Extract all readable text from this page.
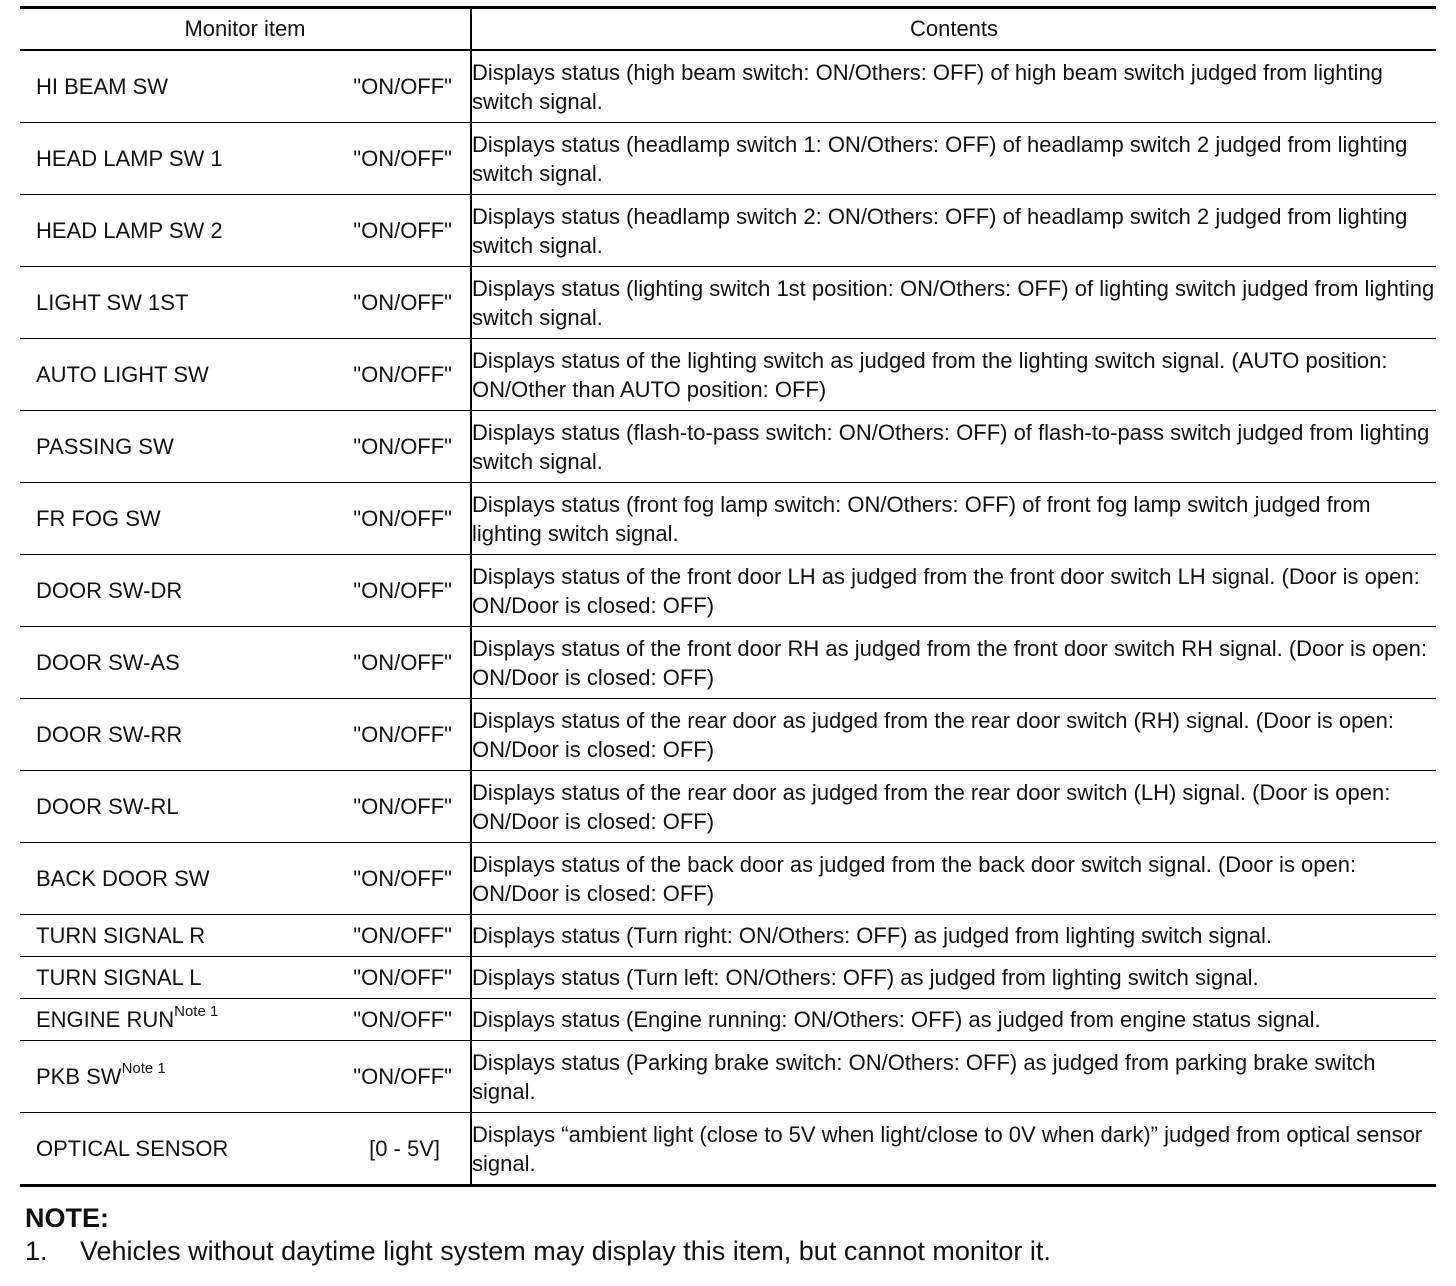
Monitor item	Contents

HI BEAM SW "ON/OFF"	Displays status (high beam switch: ON/Others: OFF) of high beam switch judged from lighting switch signal.

HEAD LAMP SW 1 "ON/OFF"	Displays status (headlamp switch 1: ON/Others: OFF) of headlamp switch 2 judged from lighting switch signal.

HEAD LAMP SW 2 "ON/OFF"	Displays status (headlamp switch 2: ON/Others: OFF) of headlamp switch 2 judged from lighting switch signal.

LIGHT SW 1ST "ON/OFF"	Displays status (lighting switch 1st position: ON/Others: OFF) of lighting switch judged from lighting switch signal.

AUTO LIGHT SW "ON/OFF"	Displays status of the lighting switch as judged from the lighting switch signal. (AUTO position: ON/Other than AUTO position: OFF)

PASSING SW "ON/OFF"	Displays status (flash-to-pass switch: ON/Others: OFF) of flash-to-pass switch judged from lighting switch signal.

FR FOG SW "ON/OFF"	Displays status (front fog lamp switch: ON/Others: OFF) of front fog lamp switch judged from lighting switch signal.

DOOR SW-DR "ON/OFF"	Displays status of the front door LH as judged from the front door switch LH signal. (Door is open: ON/Door is closed: OFF)

DOOR SW-AS "ON/OFF"	Displays status of the front door RH as judged from the front door switch RH signal. (Door is open: ON/Door is closed: OFF)

DOOR SW-RR "ON/OFF"	Displays status of the rear door as judged from the rear door switch (RH) signal. (Door is open: ON/Door is closed: OFF)

DOOR SW-RL "ON/OFF"	Displays status of the rear door as judged from the rear door switch (LH) signal. (Door is open: ON/Door is closed: OFF)

BACK DOOR SW "ON/OFF"	Displays status of the back door as judged from the back door switch signal. (Door is open: ON/Door is closed: OFF)

TURN SIGNAL R "ON/OFF"	Displays status (Turn right: ON/Others: OFF) as judged from lighting switch signal.

TURN SIGNAL L "ON/OFF"	Displays status (Turn left: ON/Others: OFF) as judged from lighting switch signal.

ENGINE $RUN^{Note 1}$ "ON/OFF"	Displays status (Engine running: ON/Others: OFF) as judged from engine status signal.

PKB $SW^{Note 1}$ "ON/OFF"	Displays status (Parking brake switch: ON/Others: OFF) as judged from parking brake switch signal.

OPTICAL SENSOR [0 - 5V]	Displays “ambient light (close to 5V when light/close to 0V when dark)” judged from optical sensor signal.
NOTE:
1. Vehicles without daytime light system may display this item, but cannot monitor it.
